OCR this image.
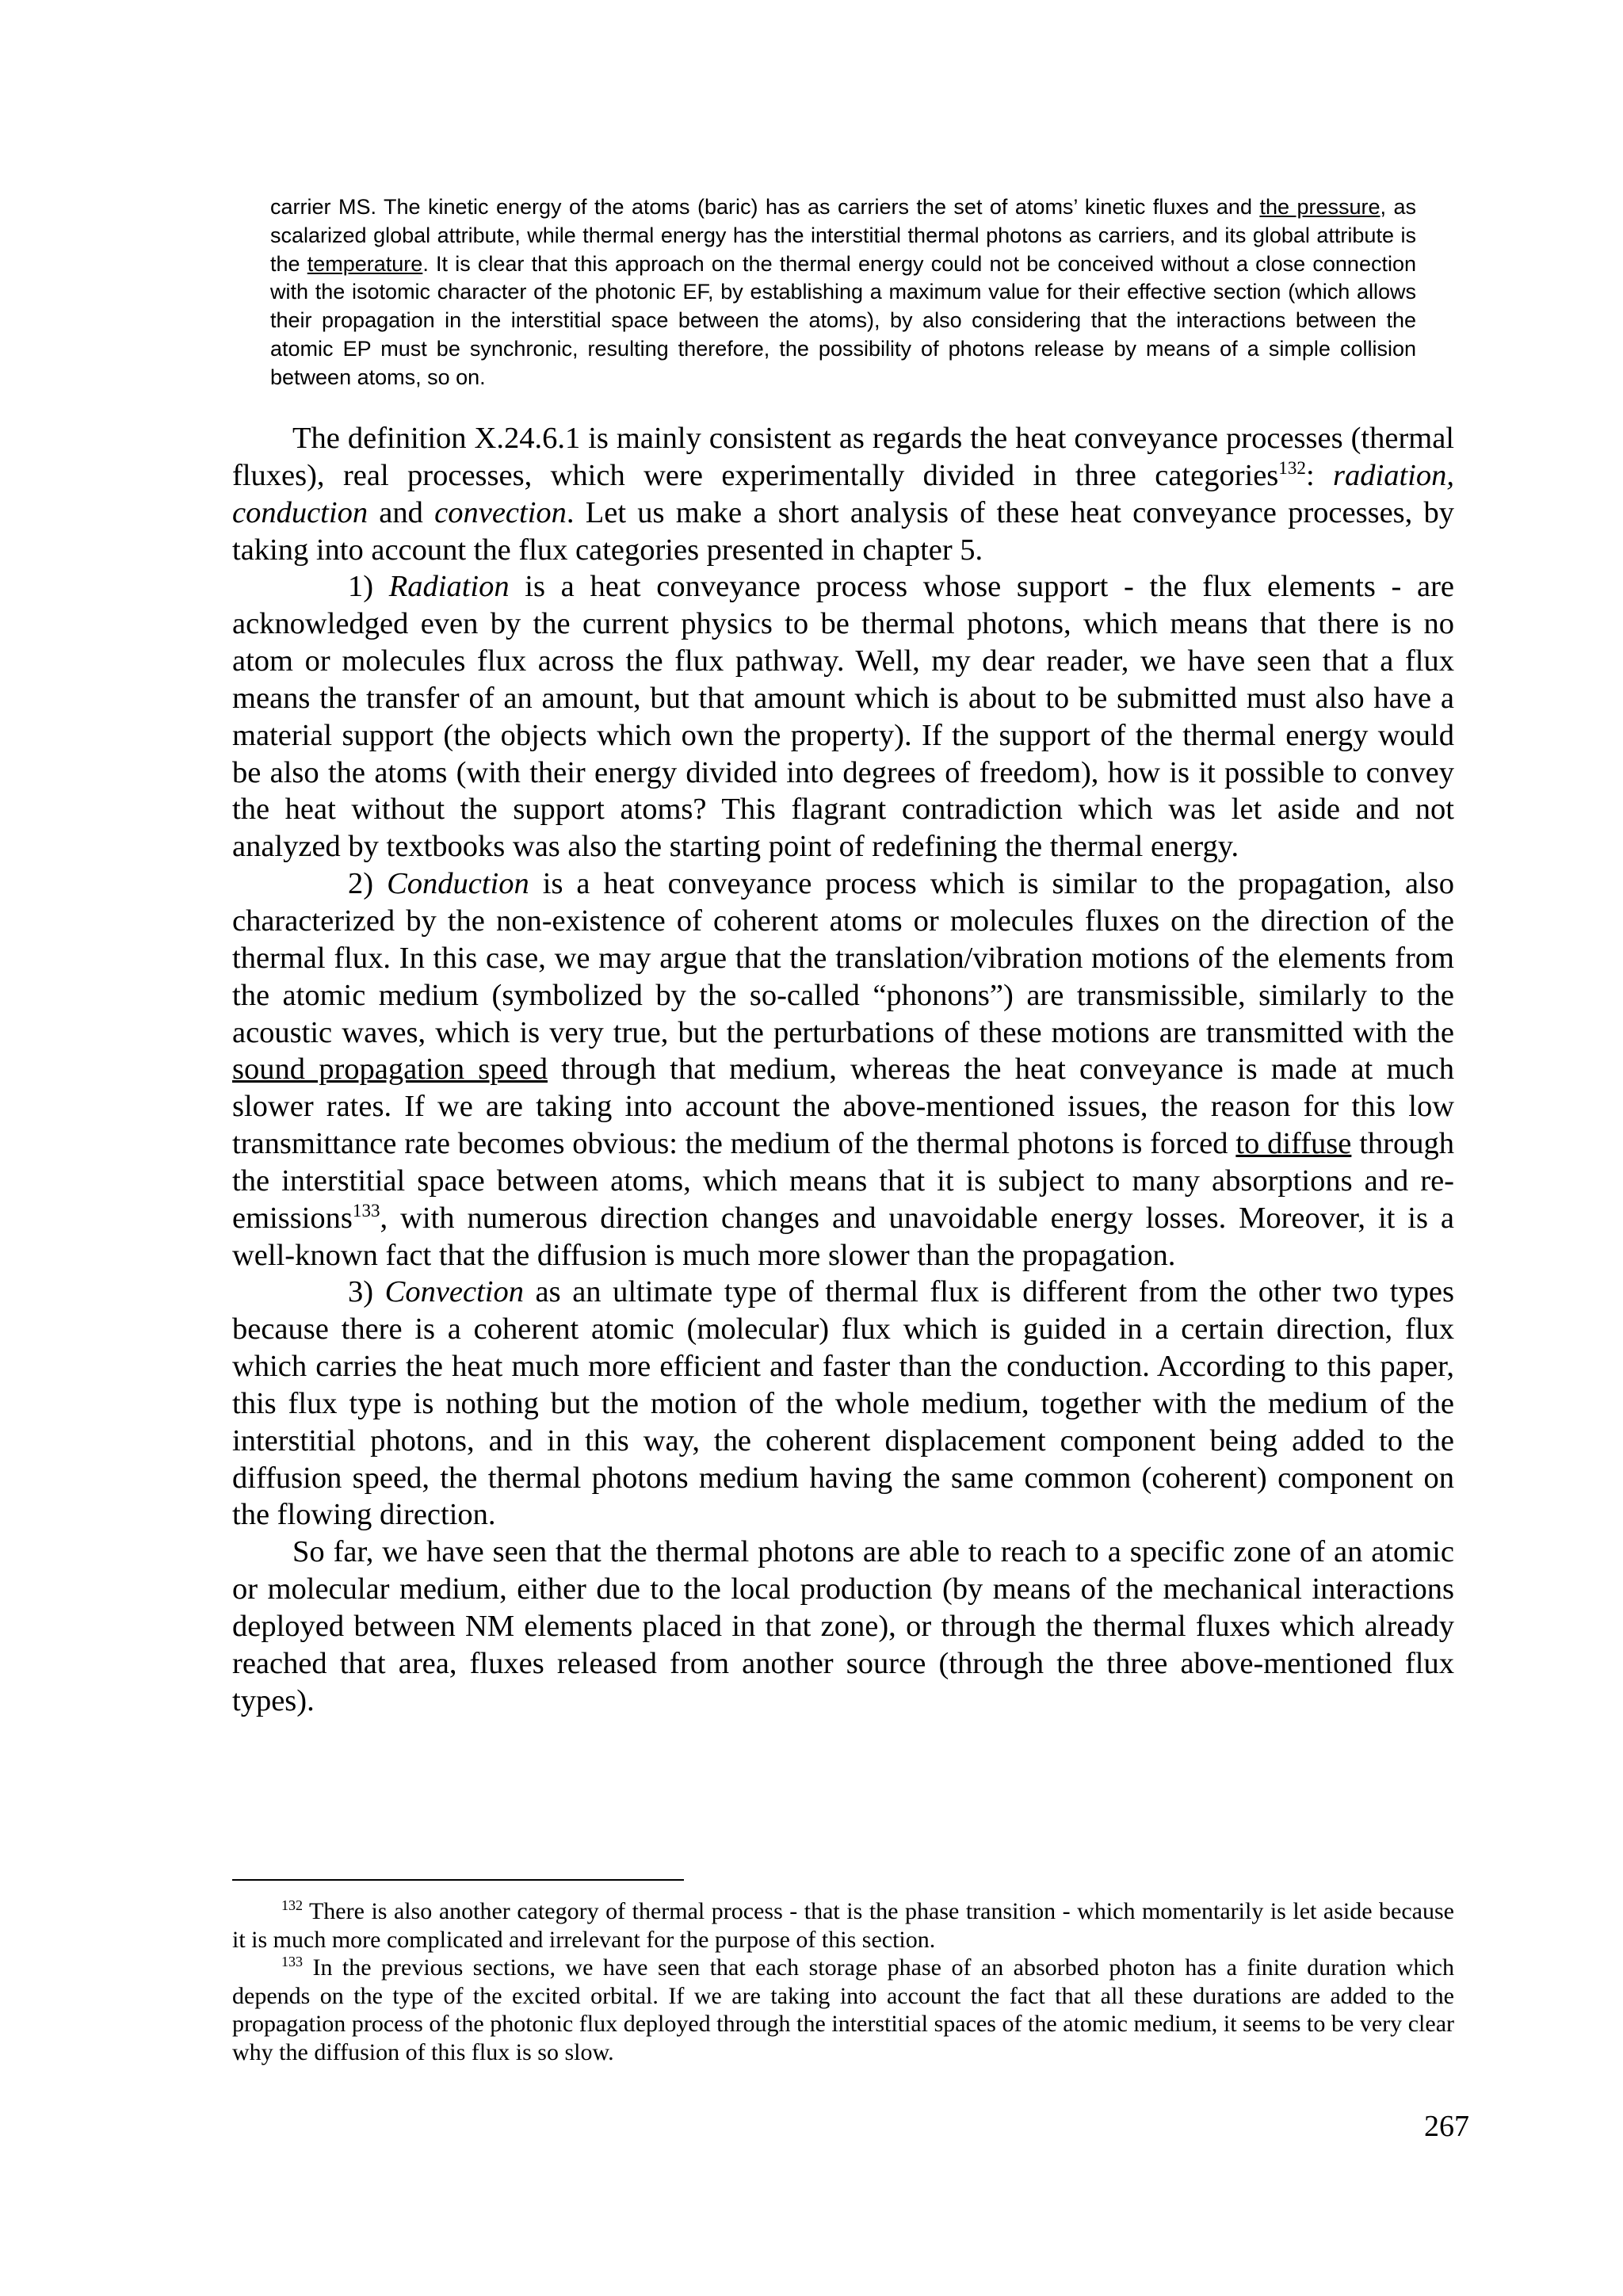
carrier MS. The kinetic energy of the atoms (baric) has as carriers the set of atoms’ kinetic fluxes and the pressure, as scalarized global attribute, while thermal energy has the interstitial thermal photons as carriers, and its global attribute is the temperature. It is clear that this approach on the thermal energy could not be conceived without a close connection with the isotomic character of the photonic EF, by establishing a maximum value for their effective section (which allows their propagation in the interstitial space between the atoms), by also considering that the interactions between the atomic EP must be synchronic, resulting therefore, the possibility of photons release by means of a simple collision between atoms, so on.

The definition X.24.6.1 is mainly consistent as regards the heat conveyance processes (thermal fluxes), real processes, which were experimentally divided in three categories$^{132}$: radiation, conduction and convection. Let us make a short analysis of these heat conveyance processes, by taking into account the flux categories presented in chapter 5.

1) Radiation is a heat conveyance process whose support - the flux elements - are acknowledged even by the current physics to be thermal photons, which means that there is no atom or molecules flux across the flux pathway. Well, my dear reader, we have seen that a flux means the transfer of an amount, but that amount which is about to be submitted must also have a material support (the objects which own the property). If the support of the thermal energy would be also the atoms (with their energy divided into degrees of freedom), how is it possible to convey the heat without the support atoms? This flagrant contradiction which was let aside and not analyzed by textbooks was also the starting point of redefining the thermal energy.

2) Conduction is a heat conveyance process which is similar to the propagation, also characterized by the non-existence of coherent atoms or molecules fluxes on the direction of the thermal flux. In this case, we may argue that the translation/vibration motions of the elements from the atomic medium (symbolized by the so-called “phonons”) are transmissible, similarly to the acoustic waves, which is very true, but the perturbations of these motions are transmitted with the sound propagation speed through that medium, whereas the heat conveyance is made at much slower rates. If we are taking into account the above-mentioned issues, the reason for this low transmittance rate becomes obvious: the medium of the thermal photons is forced to diffuse through the interstitial space between atoms, which means that it is subject to many absorptions and re-emissions$^{133}$, with numerous direction changes and unavoidable energy losses. Moreover, it is a well-known fact that the diffusion is much more slower than the propagation.

3) Convection as an ultimate type of thermal flux is different from the other two types because there is a coherent atomic (molecular) flux which is guided in a certain direction, flux which carries the heat much more efficient and faster than the conduction. According to this paper, this flux type is nothing but the motion of the whole medium, together with the medium of the interstitial photons, and in this way, the coherent displacement component being added to the diffusion speed, the thermal photons medium having the same common (coherent) component on the flowing direction.

So far, we have seen that the thermal photons are able to reach to a specific zone of an atomic or molecular medium, either due to the local production (by means of the mechanical interactions deployed between NM elements placed in that zone), or through the thermal fluxes which already reached that area, fluxes released from another source (through the three above-mentioned flux types).

$^{132}$ There is also another category of thermal process - that is the phase transition - which momentarily is let aside because it is much more complicated and irrelevant for the purpose of this section.

$^{133}$ In the previous sections, we have seen that each storage phase of an absorbed photon has a finite duration which depends on the type of the excited orbital. If we are taking into account the fact that all these durations are added to the propagation process of the photonic flux deployed through the interstitial spaces of the atomic medium, it seems to be very clear why the diffusion of this flux is so slow.

267
